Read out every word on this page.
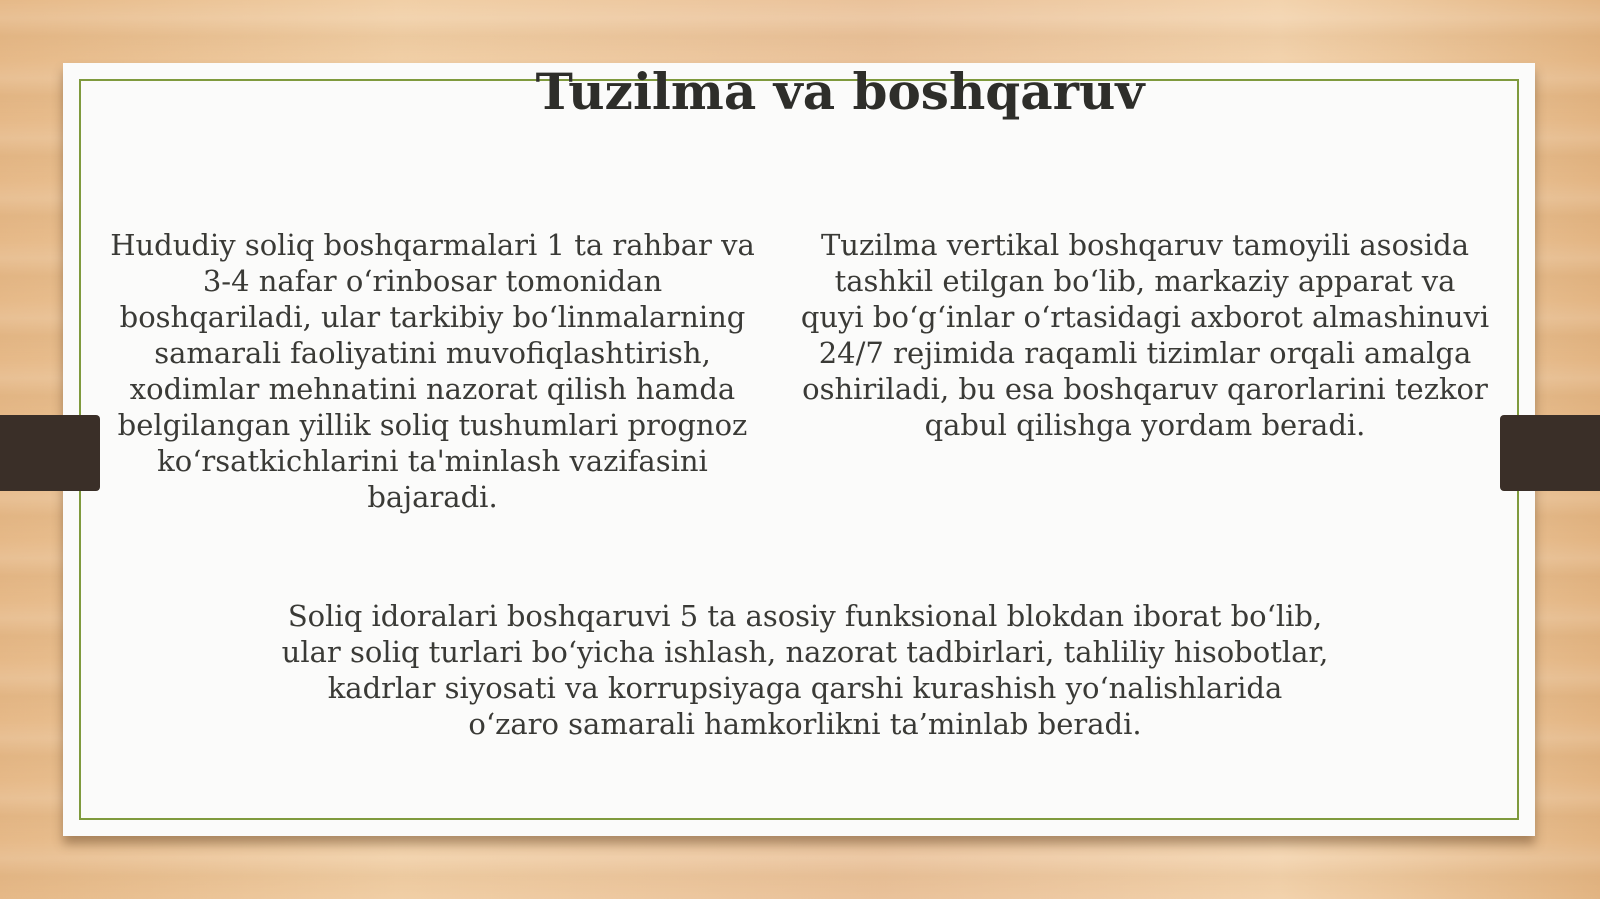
Tuzilma va boshqaruv
Hududiy soliq boshqarmalari 1 ta rahbar va 3-4 nafar o‘rinbosar tomonidan boshqariladi, ular tarkibiy bo‘linmalarning samarali faoliyatini muvofiqlashtirish, xodimlar mehnatini nazorat qilish hamda belgilangan yillik soliq tushumlari prognoz ko‘rsatkichlarini ta'minlash vazifasini bajaradi.
Tuzilma vertikal boshqaruv tamoyili asosida tashkil etilgan bo‘lib, markaziy apparat va quyi bo‘g‘inlar o‘rtasidagi axborot almashinuvi 24/7 rejimida raqamli tizimlar orqali amalga oshiriladi, bu esa boshqaruv qarorlarini tezkor qabul qilishga yordam beradi.
Soliq idoralari boshqaruvi 5 ta asosiy funksional blokdan iborat bo‘lib, ular soliq turlari bo‘yicha ishlash, nazorat tadbirlari, tahliliy hisobotlar, kadrlar siyosati va korrupsiyaga qarshi kurashish yo‘nalishlarida o‘zaro samarali hamkorlikni ta’minlab beradi.
